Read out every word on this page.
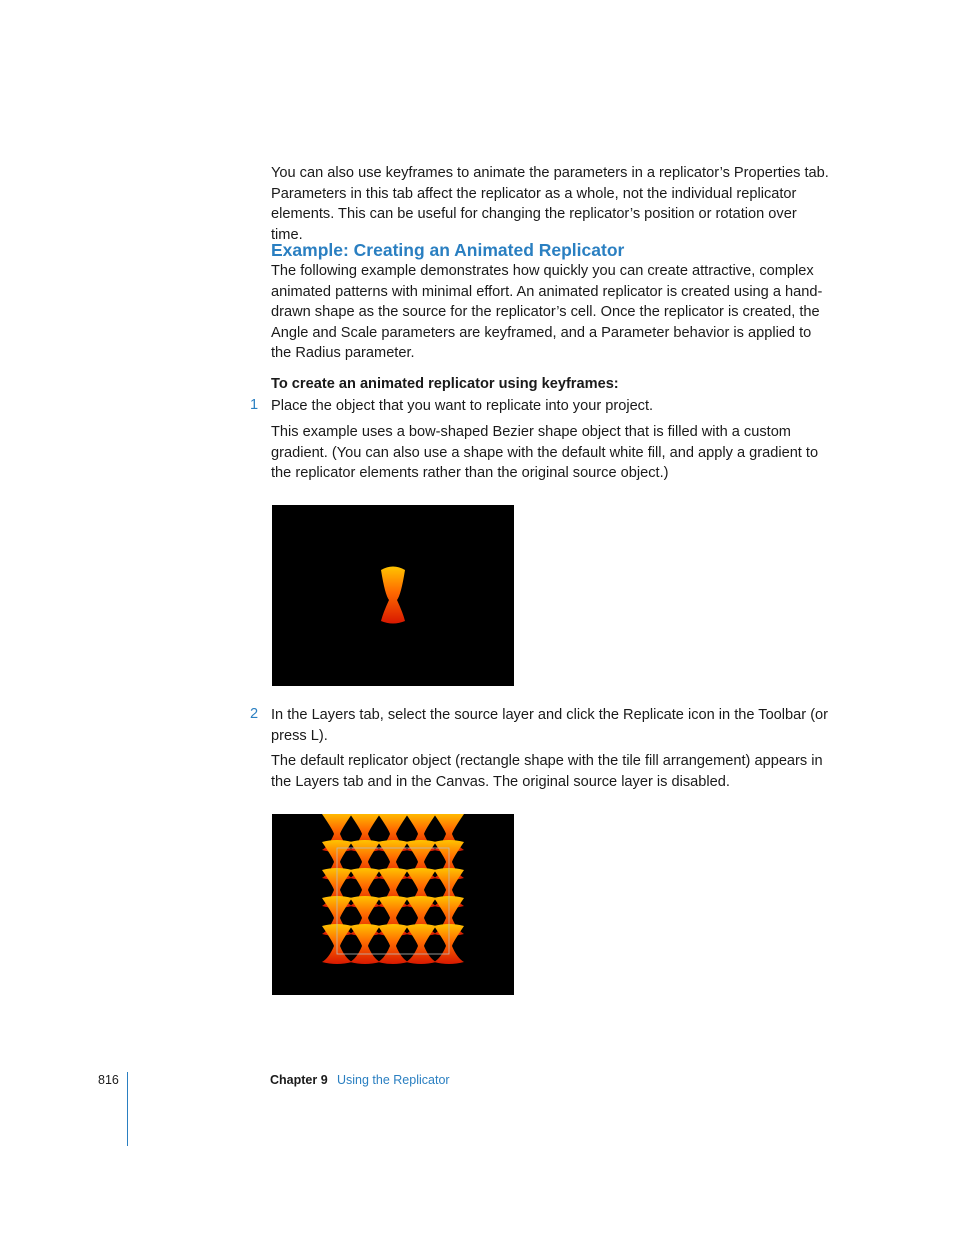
You can also use keyframes to animate the parameters in a replicator’s Properties tab. Parameters in this tab affect the replicator as a whole, not the individual replicator elements. This can be useful for changing the replicator’s position or rotation over time.

Example: Creating an Animated Replicator

The following example demonstrates how quickly you can create attractive, complex animated patterns with minimal effort. An animated replicator is created using a hand-drawn shape as the source for the replicator’s cell. Once the replicator is created, the Angle and Scale parameters are keyframed, and a Parameter behavior is applied to the Radius parameter.

To create an animated replicator using keyframes:

1 Place the object that you want to replicate into your project.

This example uses a bow-shaped Bezier shape object that is filled with a custom gradient. (You can also use a shape with the default white fill, and apply a gradient to the replicator elements rather than the original source object.)

2 In the Layers tab, select the source layer and click the Replicate icon in the Toolbar (or press L).

The default replicator object (rectangle shape with the tile fill arrangement) appears in the Layers tab and in the Canvas. The original source layer is disabled.

816	Chapter 9 Using the Replicator
